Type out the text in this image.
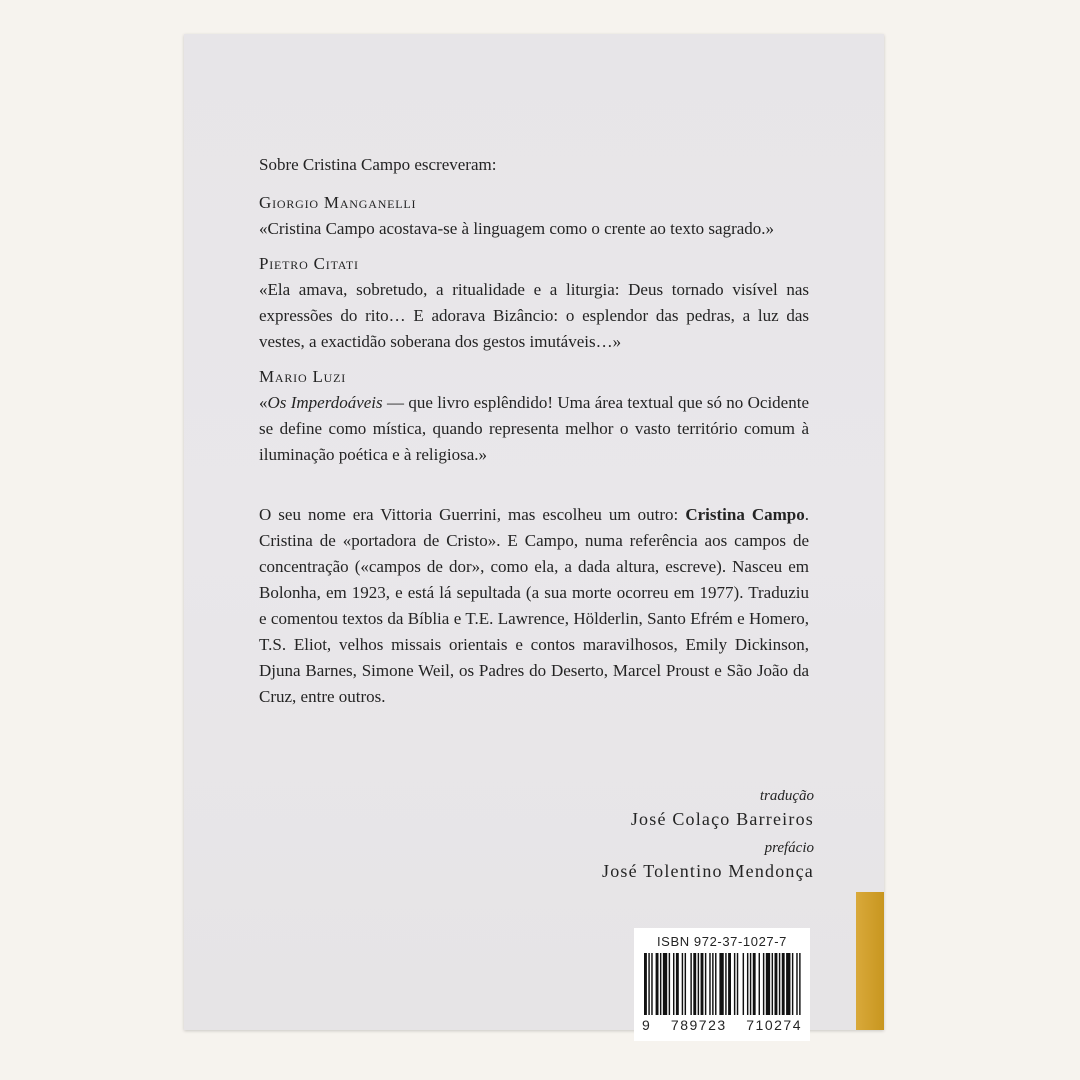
Sobre Cristina Campo escreveram:

Giorgio Manganelli

«Cristina Campo acostava-se à linguagem como o crente ao texto sagrado.»

Pietro Citati

«Ela amava, sobretudo, a ritualidade e a liturgia: Deus tornado visível nas expressões do rito… E adorava Bizâncio: o esplendor das pedras, a luz das vestes, a exactidão soberana dos gestos imutáveis…»

Mario Luzi

«Os Imperdoáveis — que livro esplêndido! Uma área textual que só no Ocidente se define como mística, quando representa melhor o vasto território comum à iluminação poética e à religiosa.»

O seu nome era Vittoria Guerrini, mas escolheu um outro: Cristina Campo. Cristina de «portadora de Cristo». E Campo, numa referência aos campos de concentração («campos de dor», como ela, a dada altura, escreve). Nasceu em Bolonha, em 1923, e está lá sepultada (a sua morte ocorreu em 1977). Traduziu e comentou textos da Bíblia e T.E. Lawrence, Hölderlin, Santo Efrém e Homero, T.S. Eliot, velhos missais orientais e contos maravilhosos, Emily Dickinson, Djuna Barnes, Simone Weil, os Padres do Deserto, Marcel Proust e São João da Cruz, entre outros.

tradução
José Colaço Barreiros
prefácio
José Tolentino Mendonça
ISBN 972-37-1027-7
9 789723 710274
